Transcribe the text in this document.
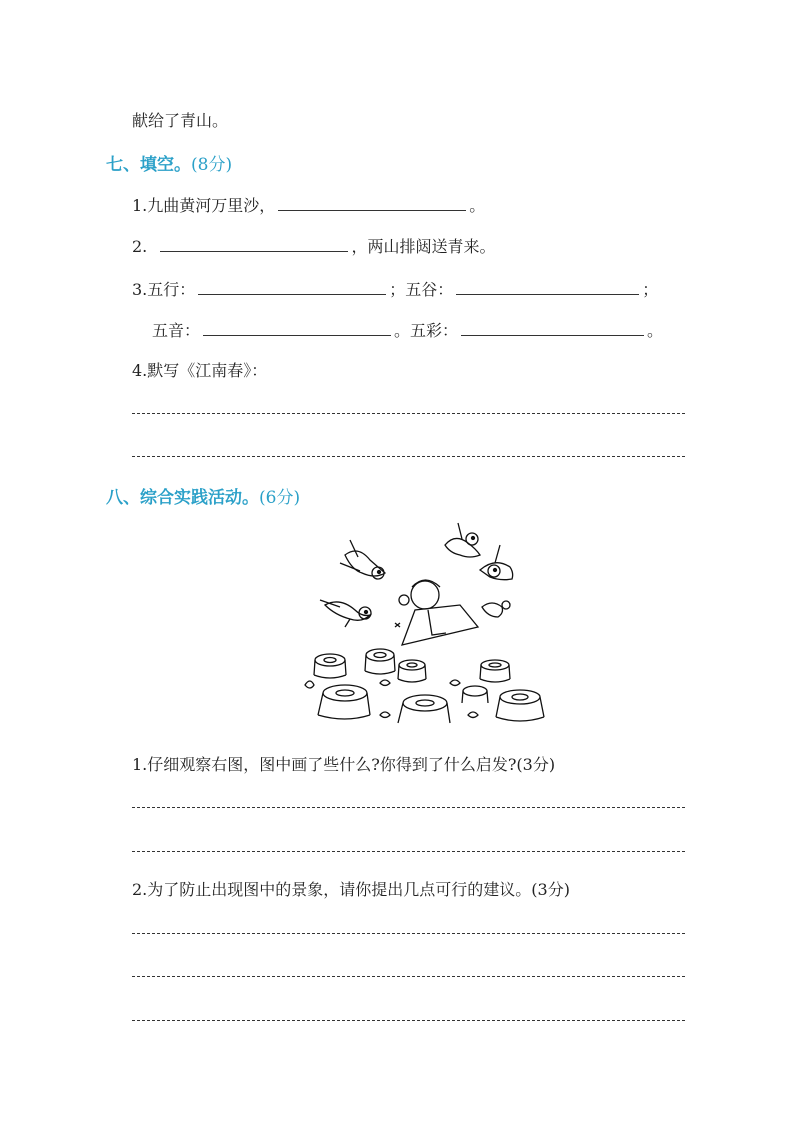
献给了青山。
七、填空。(8分)
1.九曲黄河万里沙，	。
2.	，两山排闼送青来。
3.五行：	；五谷：	；
五音：	。五彩：	。
4.默写《江南春》：
八、综合实践活动。(6分)
1.仔细观察右图，图中画了些什么?你得到了什么启发?(3分)
2.为了防止出现图中的景象，请你提出几点可行的建议。(3分)
